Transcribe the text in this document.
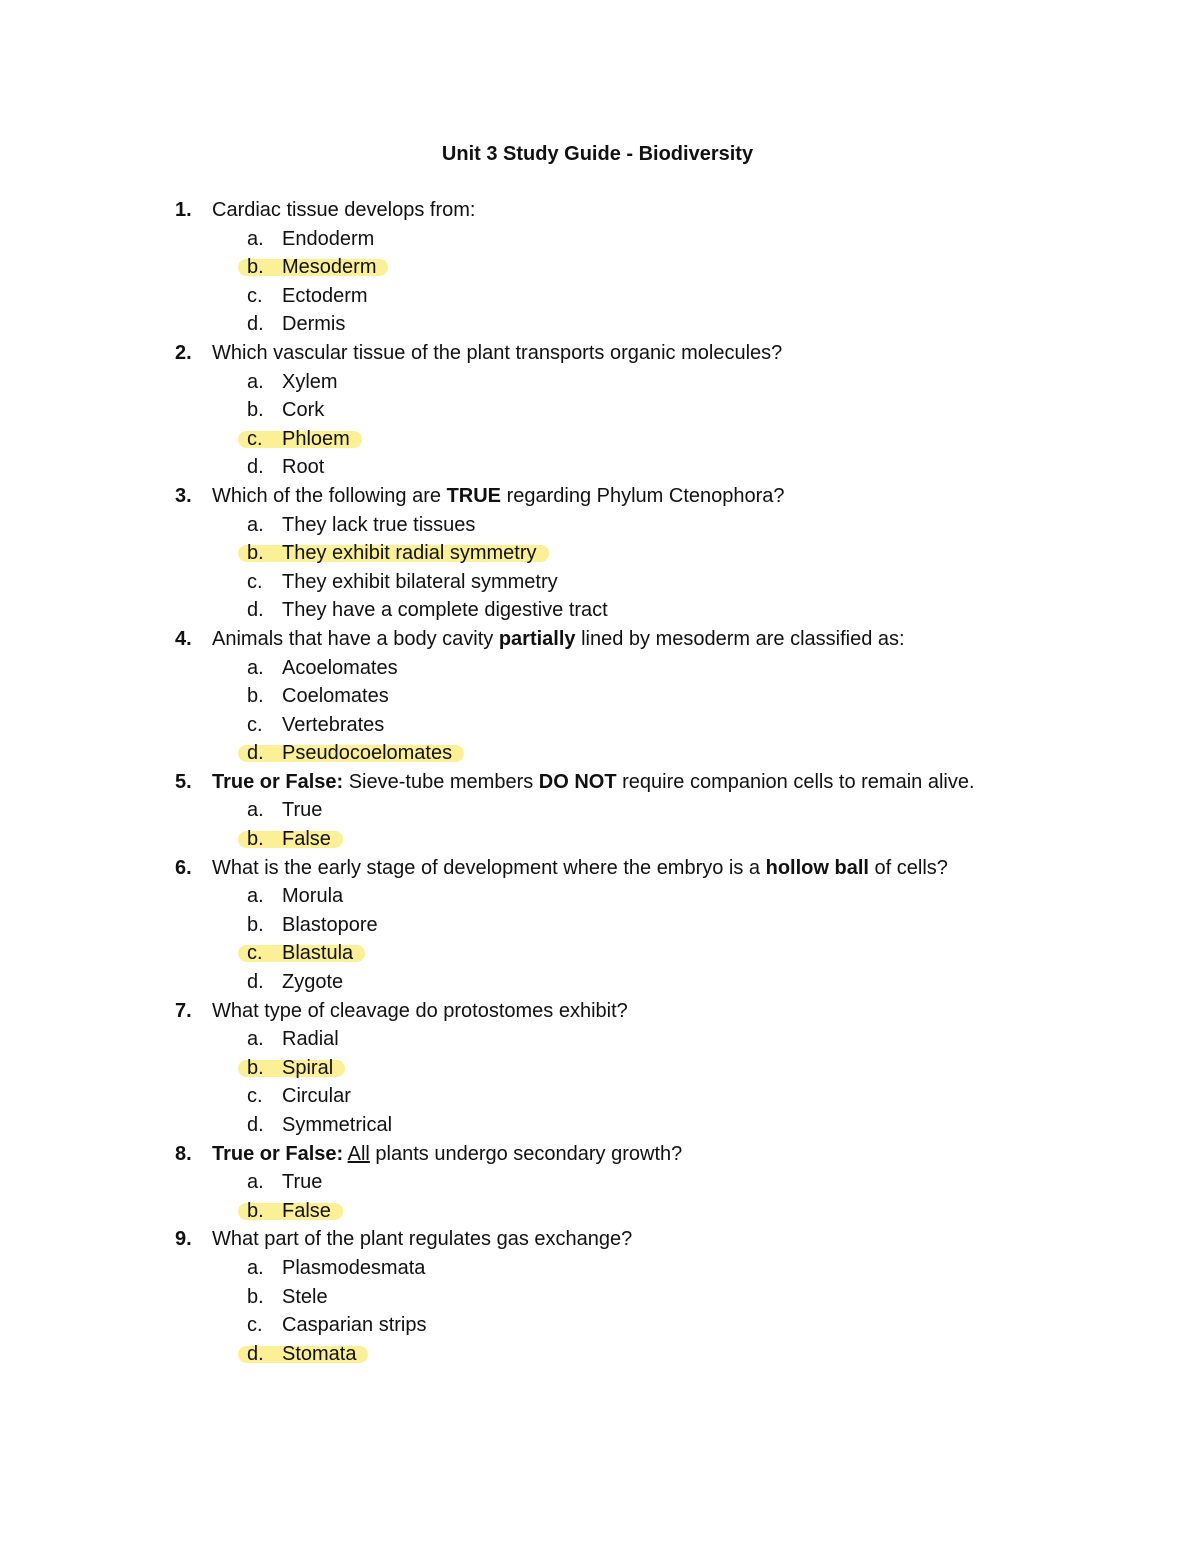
Unit 3 Study Guide - Biodiversity
1. Cardiac tissue develops from:
a. Endoderm
b. Mesoderm
c. Ectoderm
d. Dermis
2. Which vascular tissue of the plant transports organic molecules?
a. Xylem
b. Cork
c. Phloem
d. Root
3. Which of the following are TRUE regarding Phylum Ctenophora?
a. They lack true tissues
b. They exhibit radial symmetry
c. They exhibit bilateral symmetry
d. They have a complete digestive tract
4. Animals that have a body cavity partially lined by mesoderm are classified as:
a. Acoelomates
b. Coelomates
c. Vertebrates
d. Pseudocoelomates
5. True or False: Sieve-tube members DO NOT require companion cells to remain alive.
a. True
b. False
6. What is the early stage of development where the embryo is a hollow ball of cells?
a. Morula
b. Blastopore
c. Blastula
d. Zygote
7. What type of cleavage do protostomes exhibit?
a. Radial
b. Spiral
c. Circular
d. Symmetrical
8. True or False: All plants undergo secondary growth?
a. True
b. False
9. What part of the plant regulates gas exchange?
a. Plasmodesmata
b. Stele
c. Casparian strips
d. Stomata
